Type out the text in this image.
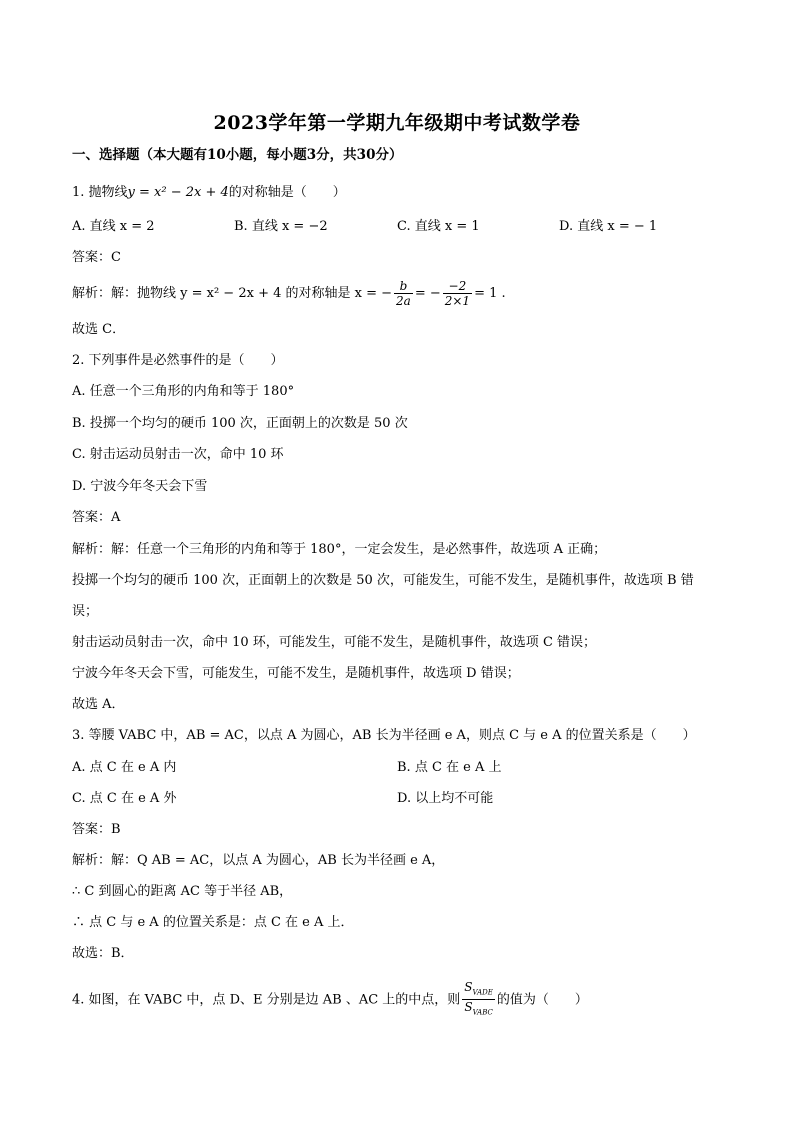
2023学年第一学期九年级期中考试数学卷
一、选择题（本大题有10小题，每小题3分，共30分）
1. 抛物线y = x² − 2x + 4的对称轴是（　　）
A. 直线 x = 2	B. 直线 x = −2	C. 直线 x = 1	D. 直线 x = − 1
答案：C
解析：解：抛物线 y = x² − 2x + 4 的对称轴是 x = − $\frac{b}{2a}$ = − $\frac{-2}{2\times 1} = 1$ .
故选 C．
2. 下列事件是必然事件的是（　　）
A. 任意一个三角形的内角和等于 180°
B. 投掷一个均匀的硬币 100 次，正面朝上的次数是 50 次
C. 射击运动员射击一次，命中 10 环
D. 宁波今年冬天会下雪
答案：A
解析：解：任意一个三角形的内角和等于 180°，一定会发生，是必然事件，故选项 A 正确；
投掷一个均匀的硬币 100 次，正面朝上的次数是 50 次，可能发生，可能不发生，是随机事件，故选项 B 错
误；
射击运动员射击一次，命中 10 环，可能发生，可能不发生，是随机事件，故选项 C 错误；
宁波今年冬天会下雪，可能发生，可能不发生，是随机事件，故选项 D 错误；
故选 A．
3. 等腰 VABC 中，AB = AC，以点 A 为圆心，AB 长为半径画 e A，则点 C 与 e A 的位置关系是（　　）
A. 点 C 在 e A 内	B. 点 C 在 e A 上
C. 点 C 在 e A 外	D. 以上均不可能
答案：B
解析：解：Q AB = AC，以点 A 为圆心，AB 长为半径画 e A，
∴ C 到圆心的距离 AC 等于半径 AB，
∴ 点 C 与 e A 的位置关系是：点 C 在 e A 上．
故选：B．
4. 如图，在 VABC 中，点 D、E 分别是边 AB 、AC 上的中点，则 $\frac{S_{VADE}}{S_{VABC}}$ 的值为（　　）
